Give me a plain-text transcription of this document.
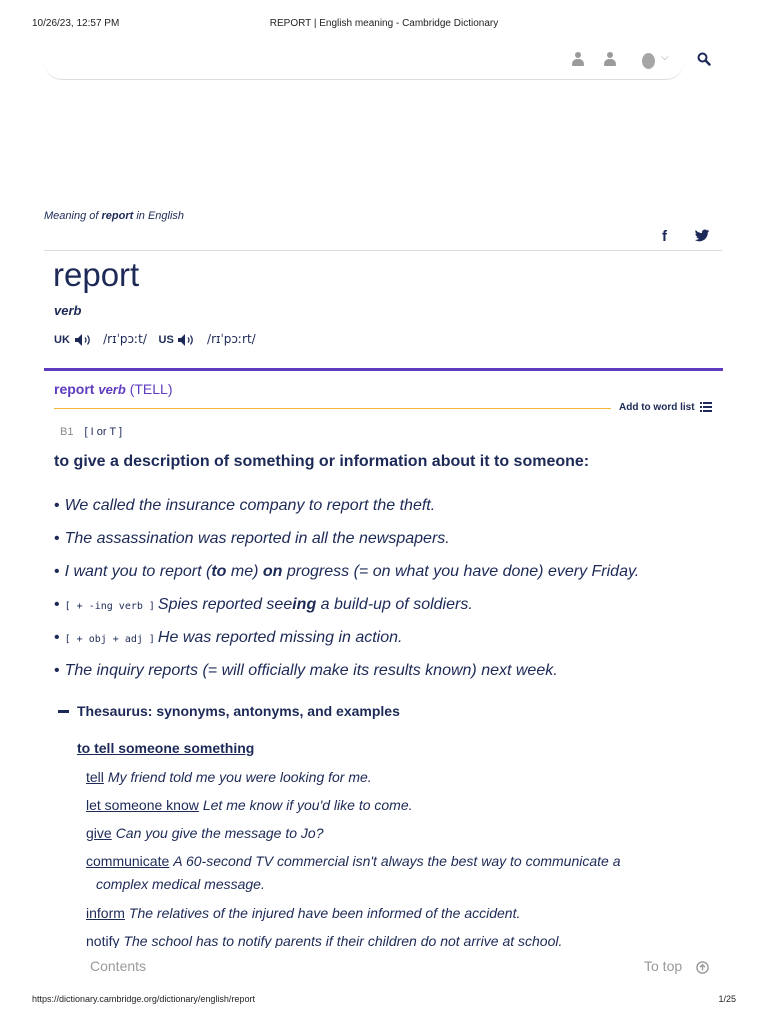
10/26/23, 12:57 PM	REPORT | English meaning - Cambridge Dictionary
⌵
Meaning of report in English
f
report
verb
UK	/rɪˈpɔːt/ US	/rɪˈpɔːrt/
report verb (TELL)
Add to word list
B1 [ I or T ]
to give a description of something or information about it to someone:
• We called the insurance company to report the theft.
• The assassination was reported in all the newspapers.
• I want you to report (to me) on progress (= on what you have done) every Friday.
• [ + -ing verb ] Spies reported seeing a build-up of soldiers.
• [ + obj + adj ] He was reported missing in action.
• The inquiry reports (= will officially make its results known) next week.
Thesaurus: synonyms, antonyms, and examples
to tell someone something
tell My friend told me you were looking for me.
let someone know Let me know if you'd like to come.
give Can you give the message to Jo?
communicate A 60-second TV commercial isn't always the best way to communicate a
complex medical message.
inform The relatives of the injured have been informed of the accident.
notify The school has to notify parents if their children do not arrive at school.
Contents	To top
https://dictionary.cambridge.org/dictionary/english/report	1/25
